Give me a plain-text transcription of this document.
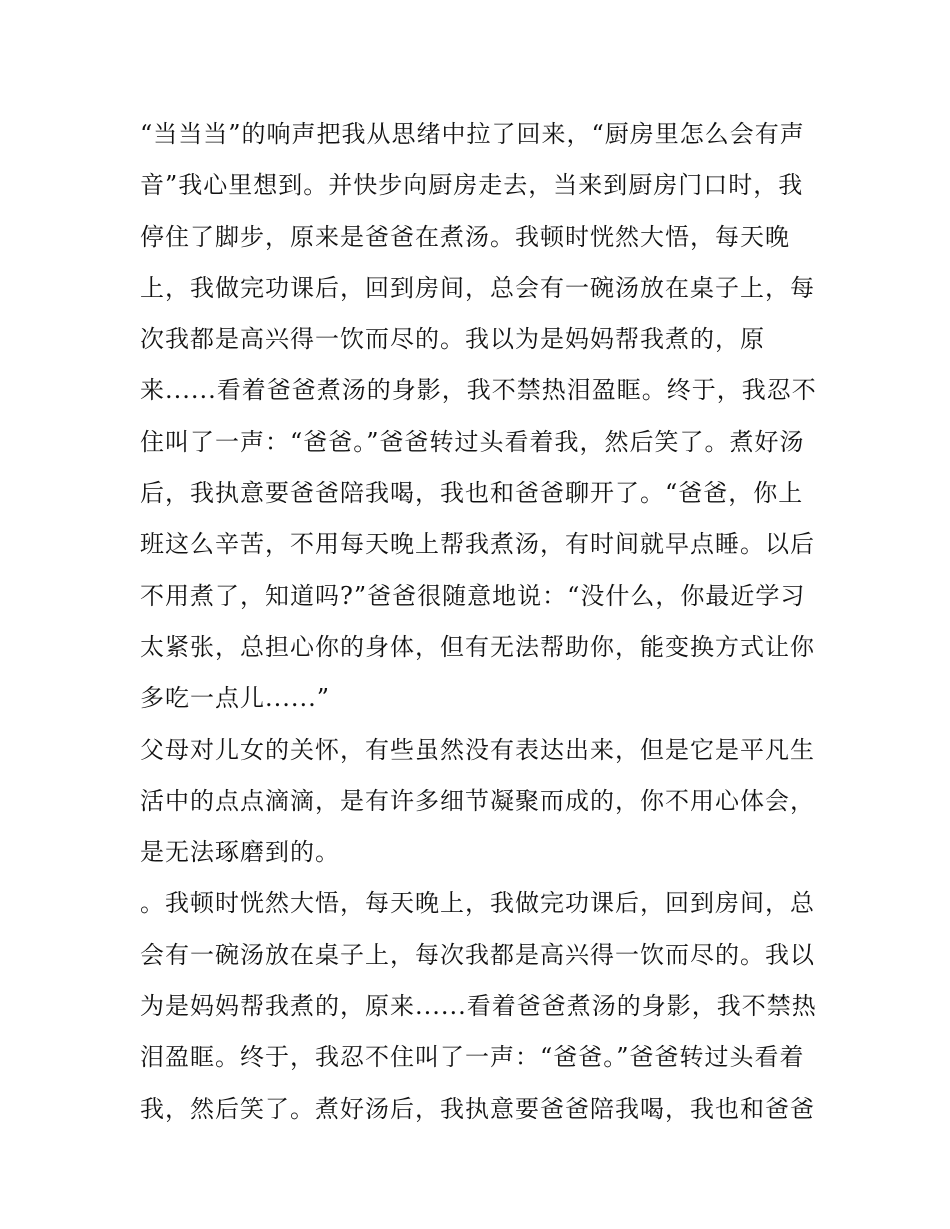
“当当当”的响声把我从思绪中拉了回来，“厨房里怎么会有声
音”我心里想到。并快步向厨房走去，当来到厨房门口时，我
停住了脚步，原来是爸爸在煮汤。我顿时恍然大悟，每天晚
上，我做完功课后，回到房间，总会有一碗汤放在桌子上，每
次我都是高兴得一饮而尽的。我以为是妈妈帮我煮的，原
来......看着爸爸煮汤的身影，我不禁热泪盈眶。终于，我忍不
住叫了一声：“爸爸。”爸爸转过头看着我，然后笑了。煮好汤
后，我执意要爸爸陪我喝，我也和爸爸聊开了。“爸爸，你上
班这么辛苦，不用每天晚上帮我煮汤，有时间就早点睡。以后
不用煮了，知道吗?”爸爸很随意地说：“没什么，你最近学习
太紧张，总担心你的身体，但有无法帮助你，能变换方式让你
多吃一点儿......”
父母对儿女的关怀，有些虽然没有表达出来，但是它是平凡生
活中的点点滴滴，是有许多细节凝聚而成的，你不用心体会，
是无法琢磨到的。
。我顿时恍然大悟，每天晚上，我做完功课后，回到房间，总
会有一碗汤放在桌子上，每次我都是高兴得一饮而尽的。我以
为是妈妈帮我煮的，原来......看着爸爸煮汤的身影，我不禁热
泪盈眶。终于，我忍不住叫了一声：“爸爸。”爸爸转过头看着
我，然后笑了。煮好汤后，我执意要爸爸陪我喝，我也和爸爸
